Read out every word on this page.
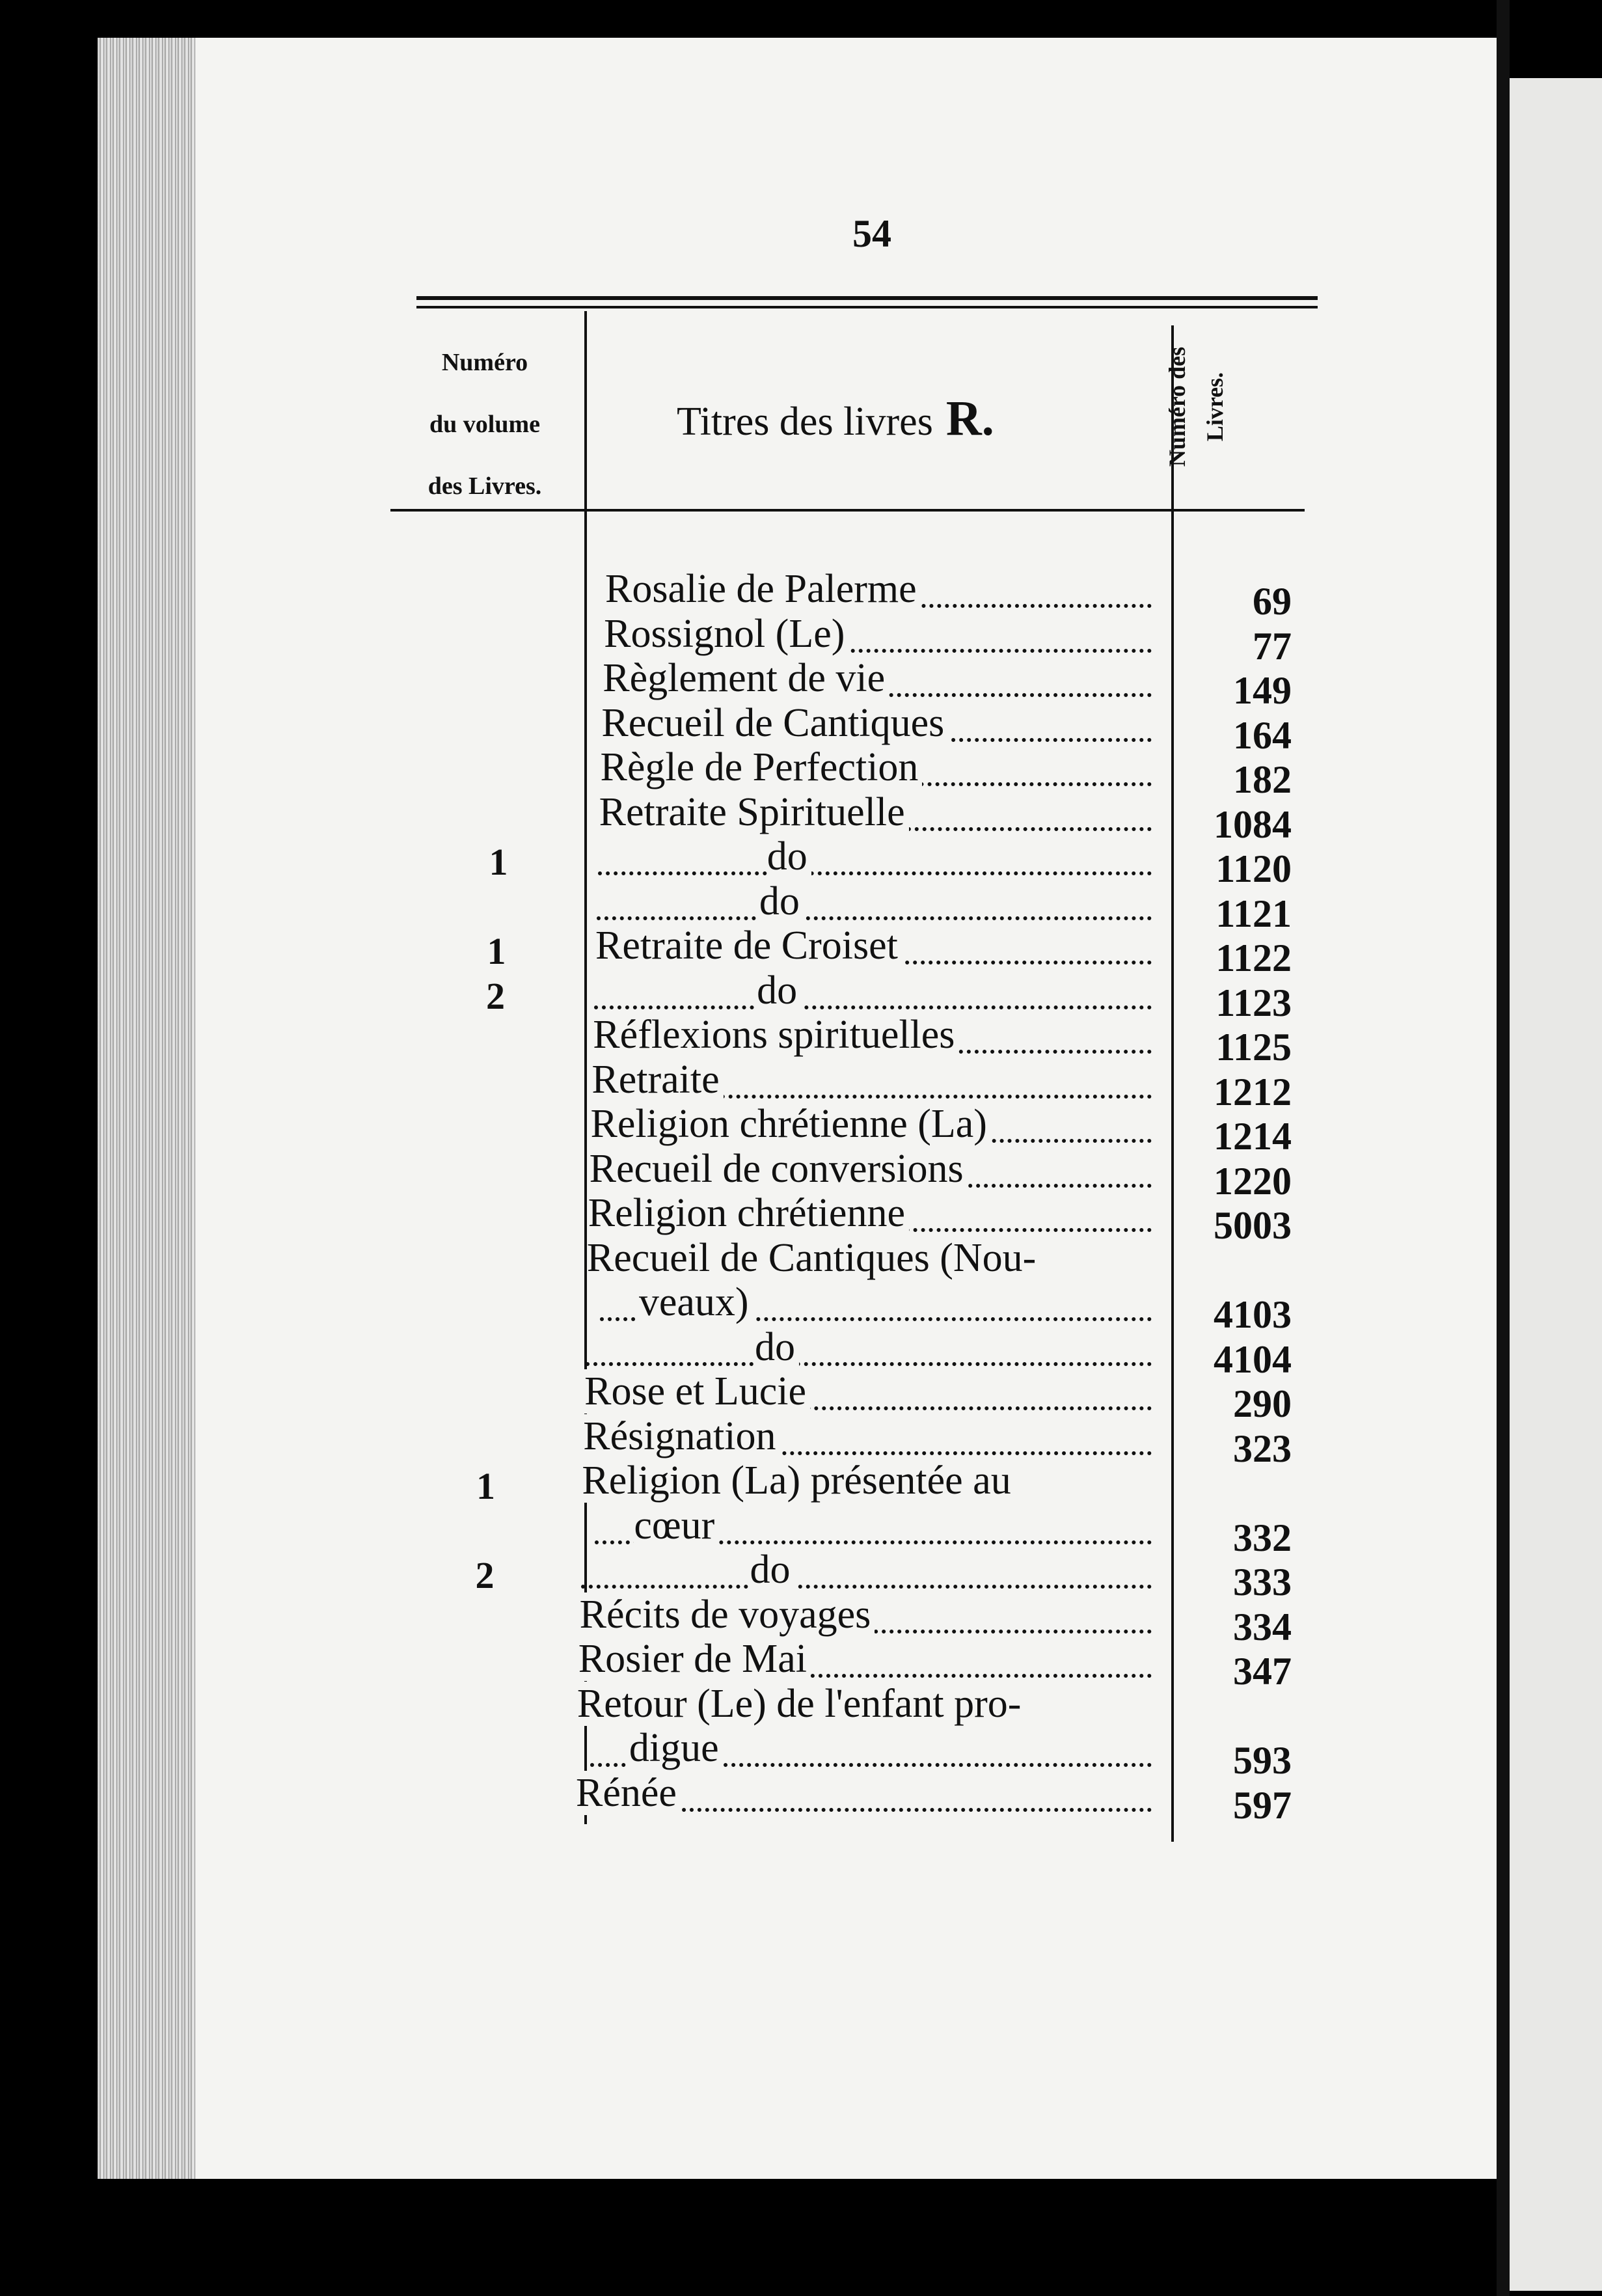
54
Numéro
du volume
des Livres.
Titres des livres R.	Numéro des Livres.
Rosalie de Palerme	69
Rossignol (Le)	77
Règlement de vie	149
Recueil de Cantiques	164
Règle de Perfection	182
Retraite Spirituelle	1084
1	do	1120
do	1121
1	Retraite de Croiset	1122
2	do	1123
Réflexions spirituelles	1125
Retraite	1212
Religion chrétienne (La)	1214
Recueil de conversions	1220
Religion chrétienne	5003
Recueil de Cantiques (Nou-
veaux)	4103
do	4104
Rose et Lucie	290
Résignation	323
1	Religion (La) présentée au
cœur	332
2	do	333
Récits de voyages	334
Rosier de Mai	347
Retour (Le) de l'enfant pro-
digue	593
Rénée	597
